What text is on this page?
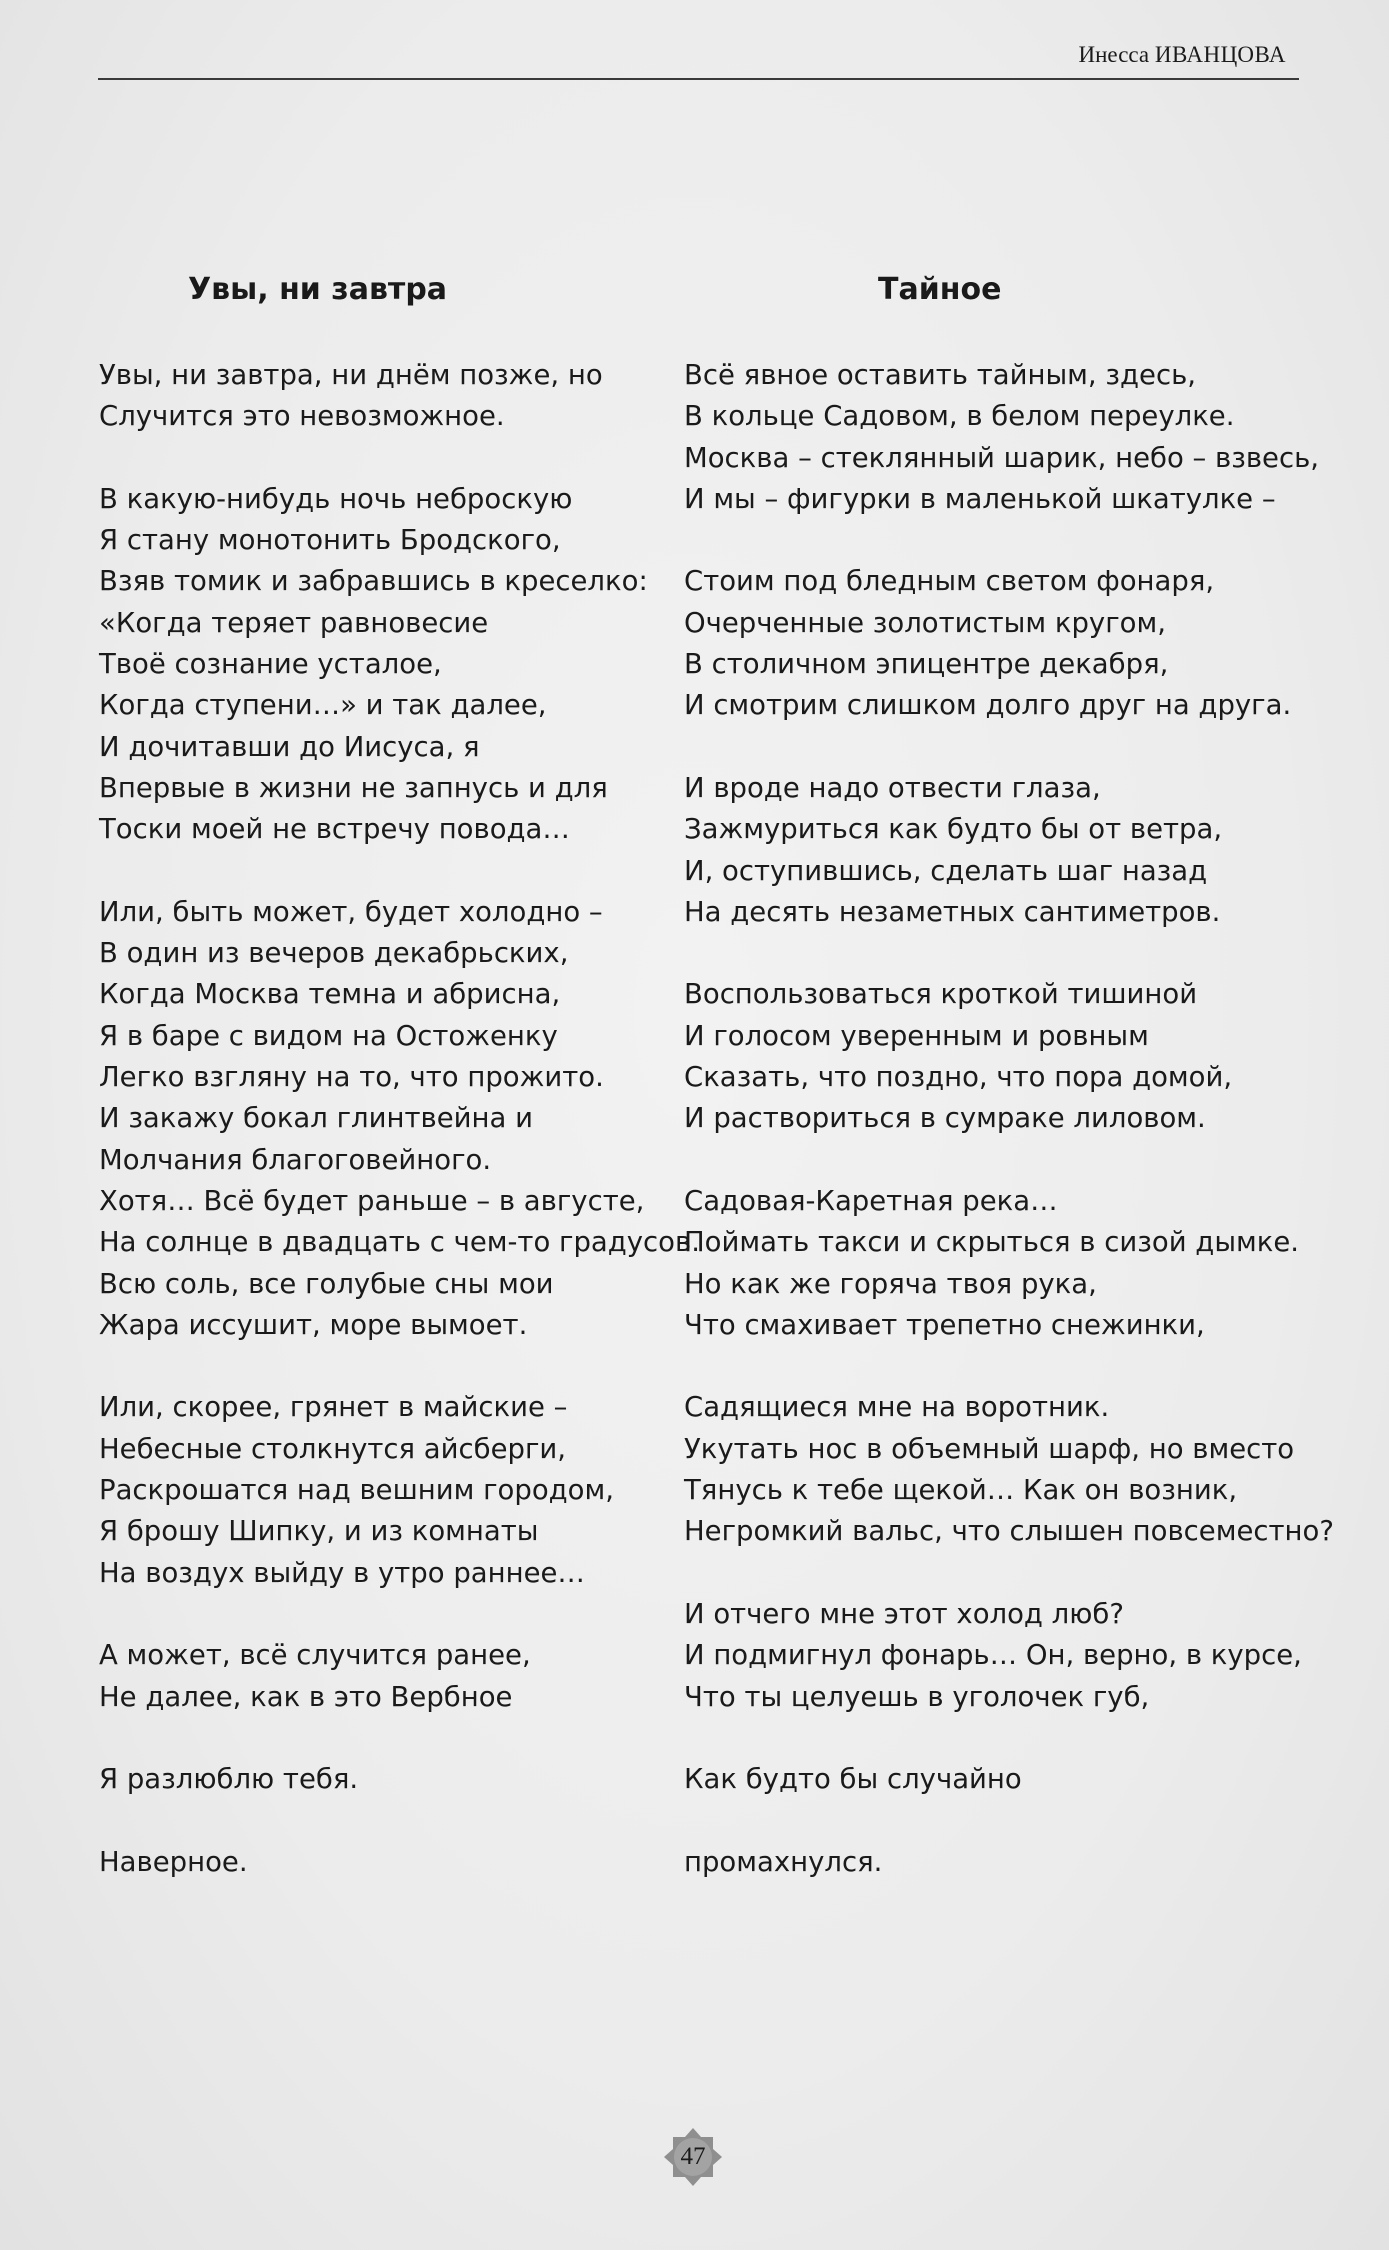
Инесса ИВАНЦОВА
Увы, ни завтра	Тайное
Увы, ни завтра, ни днём позже, но
Случится это невозможное.
В какую-нибудь ночь неброскую
Я стану монотонить Бродского,
Взяв томик и забравшись в креселко:
«Когда теряет равновесие
Твоё сознание усталое,
Когда ступени…» и так далее,
И дочитавши до Иисуса, я
Впервые в жизни не запнусь и для
Тоски моей не встречу повода…
Или, быть может, будет холодно –
В один из вечеров декабрьских,
Когда Москва темна и абрисна,
Я в баре с видом на Остоженку
Легко взгляну на то, что прожито.
И закажу бокал глинтвейна и
Молчания благоговейного.
Хотя… Всё будет раньше – в августе,
На солнце в двадцать с чем-то градусов.
Всю соль, все голубые сны мои
Жара иссушит, море вымоет.
Или, скорее, грянет в майские –
Небесные столкнутся айсберги,
Раскрошатся над вешним городом,
Я брошу Шипку, и из комнаты
На воздух выйду в утро раннее…
А может, всё случится ранее,
Не далее, как в это Вербное
Я разлюблю тебя.
Наверное.
Всё явное оставить тайным, здесь,
В кольце Садовом, в белом переулке.
Москва – стеклянный шарик, небо – взвесь,
И мы – фигурки в маленькой шкатулке –
Стоим под бледным светом фонаря,
Очерченные золотистым кругом,
В столичном эпицентре декабря,
И смотрим слишком долго друг на друга.
И вроде надо отвести глаза,
Зажмуриться как будто бы от ветра,
И, оступившись, сделать шаг назад
На десять незаметных сантиметров.
Воспользоваться кроткой тишиной
И голосом уверенным и ровным
Сказать, что поздно, что пора домой,
И раствориться в сумраке лиловом.
Садовая-Каретная река…
Поймать такси и скрыться в сизой дымке.
Но как же горяча твоя рука,
Что смахивает трепетно снежинки,
Садящиеся мне на воротник.
Укутать нос в объемный шарф, но вместо
Тянусь к тебе щекой… Как он возник,
Негромкий вальс, что слышен повсеместно?
И отчего мне этот холод люб?
И подмигнул фонарь… Он, верно, в курсе,
Что ты целуешь в уголочек губ,
Как будто бы случайно
промахнулся.
47
